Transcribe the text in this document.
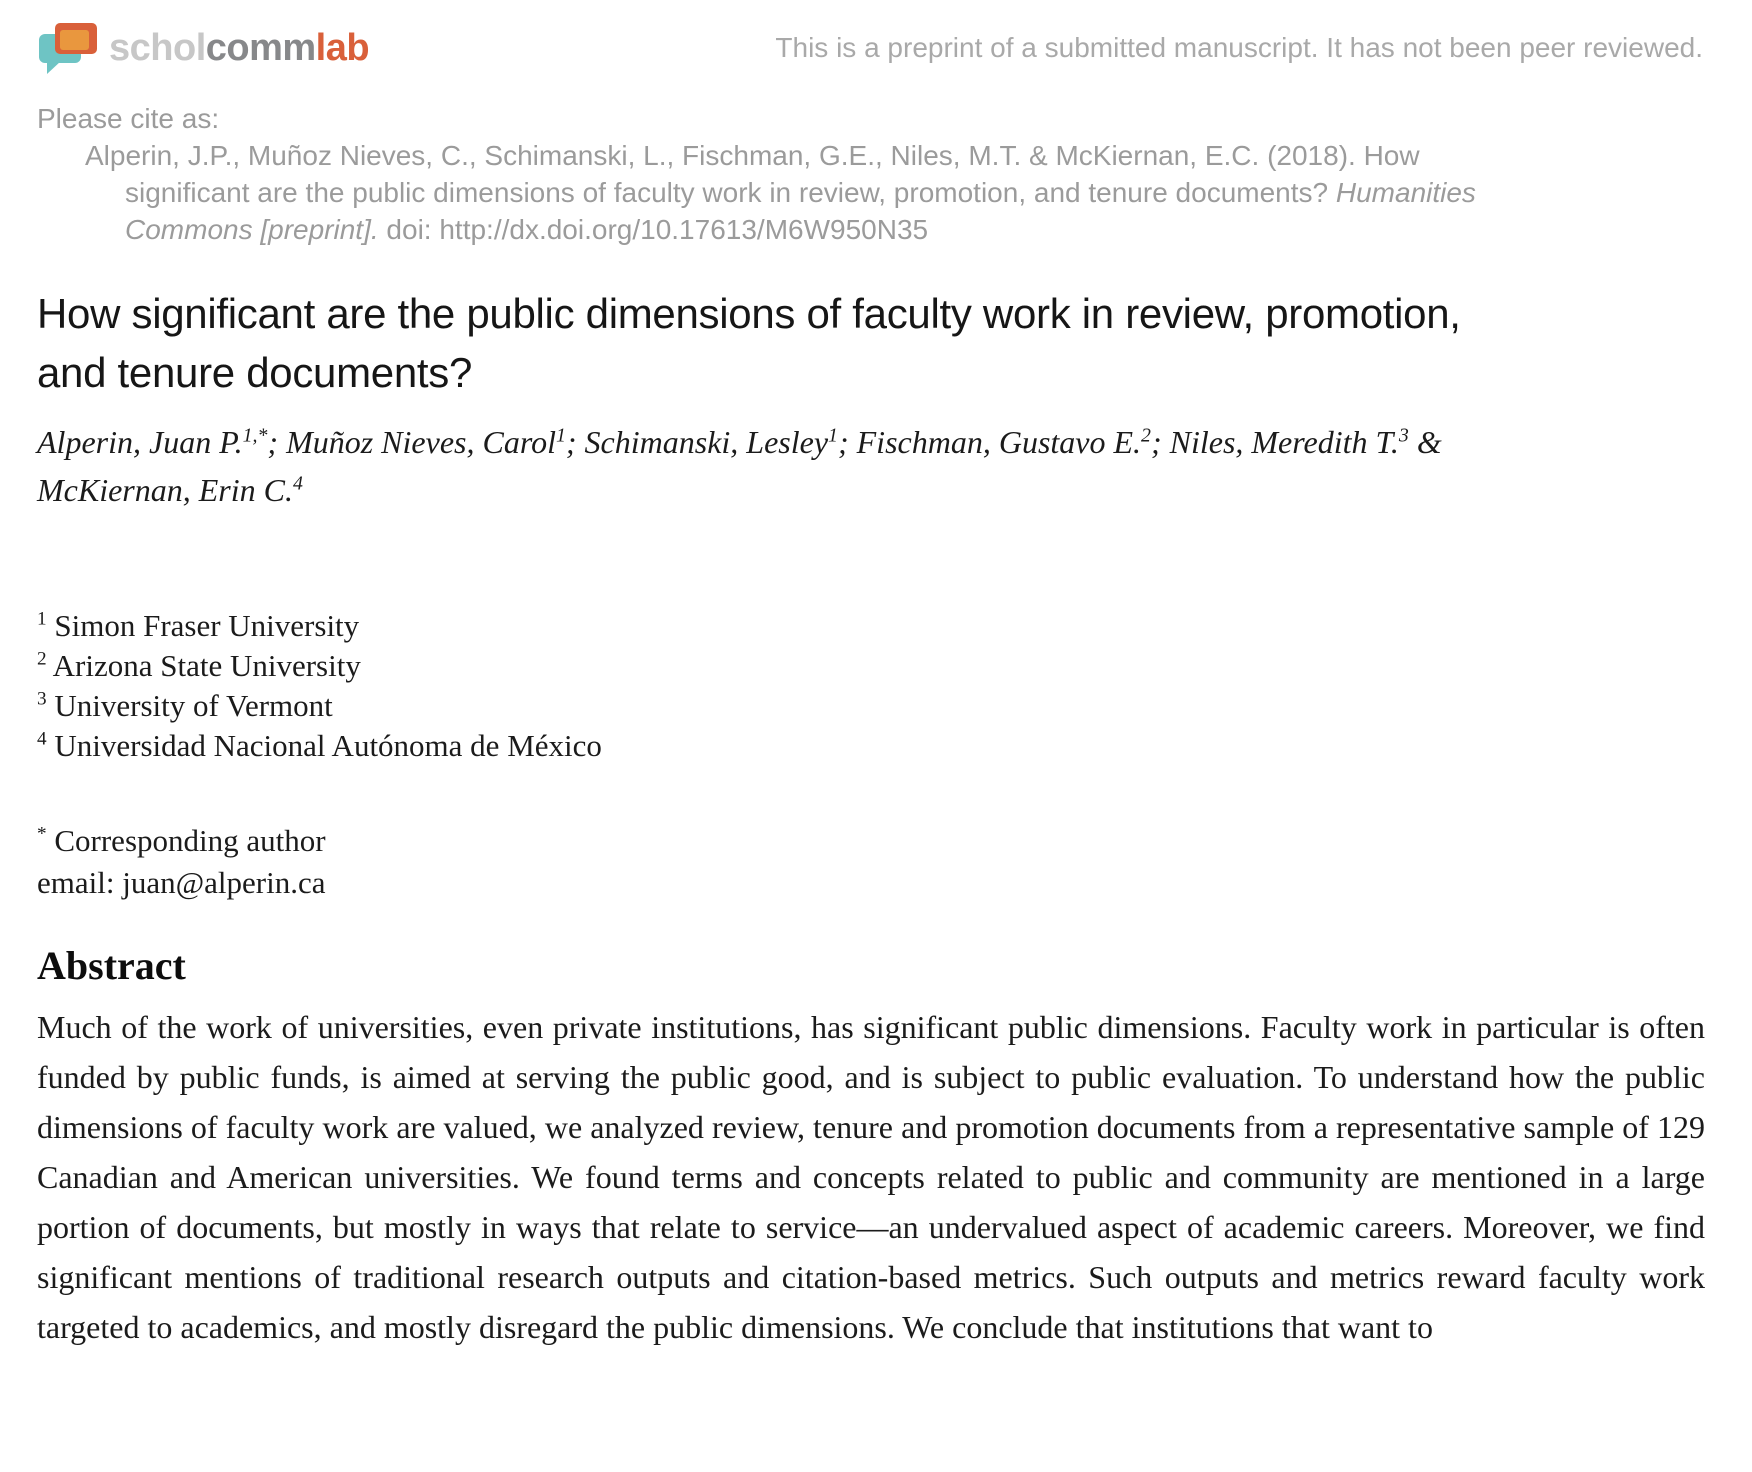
schol comm lab	This is a preprint of a submitted manuscript. It has not been peer reviewed.
Please cite as:
Alperin, J.P., Muñoz Nieves, C., Schimanski, L., Fischman, G.E., Niles, M.T. & McKiernan, E.C. (2018). How
significant are the public dimensions of faculty work in review, promotion, and tenure documents? Humanities
Commons [preprint]. doi: http://dx.doi.org/10.17613/M6W950N35
How significant are the public dimensions of faculty work in review, promotion, and tenure documents?

Alperin, Juan P.$^{1,*}$; Muñoz Nieves, Carol$^1$; Schimanski, Lesley$^1$; Fischman, Gustavo E.$^2$; Niles, Meredith T.$^3$ &
McKiernan, Erin C.$^4$

$^1$ Simon Fraser University
$^2$ Arizona State University
$^3$ University of Vermont
$^4$ Universidad Nacional Autónoma de México
* Corresponding author
email: juan@alperin.ca
Abstract

Much of the work of universities, even private institutions, has significant public dimensions. Faculty work in particular is often funded by public funds, is aimed at serving the public good, and is subject to public evaluation. To understand how the public dimensions of faculty work are valued, we analyzed review, tenure and promotion documents from a representative sample of 129 Canadian and American universities. We found terms and concepts related to public and community are mentioned in a large portion of documents, but mostly in ways that relate to service—an undervalued aspect of academic careers. Moreover, we find significant mentions of traditional research outputs and citation-based metrics. Such outputs and metrics reward faculty work targeted to academics, and mostly disregard the public dimensions. We conclude that institutions that want to
